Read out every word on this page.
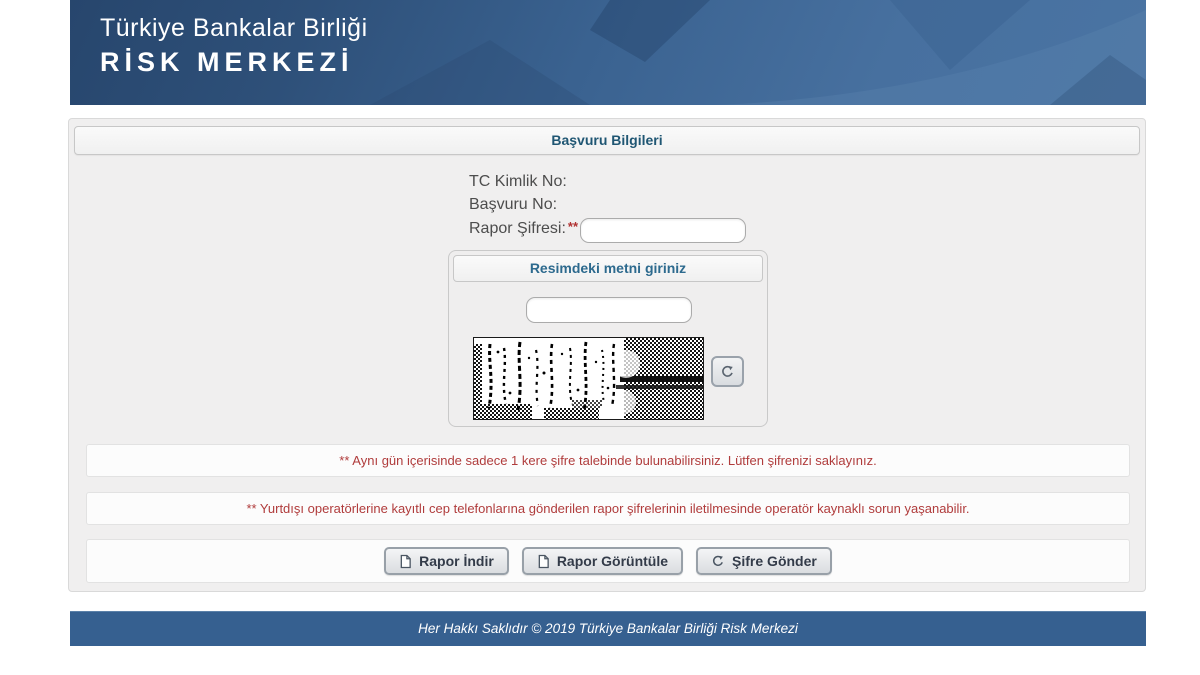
Türkiye Bankalar Birliği
RİSK MERKEZİ
Başvuru Bilgileri
TC Kimlik No:
Başvuru No:
Rapor Şifresi: **
Resimdeki metni giriniz
** Aynı gün içerisinde sadece 1 kere şifre talebinde bulunabilirsiniz. Lütfen şifrenizi saklayınız.
** Yurtdışı operatörlerine kayıtlı cep telefonlarına gönderilen rapor şifrelerinin iletilmesinde operatör kaynaklı sorun yaşanabilir.
Rapor İndir	Rapor Görüntüle	Şifre Gönder
Her Hakkı Saklıdır © 2019 Türkiye Bankalar Birliği Risk Merkezi
